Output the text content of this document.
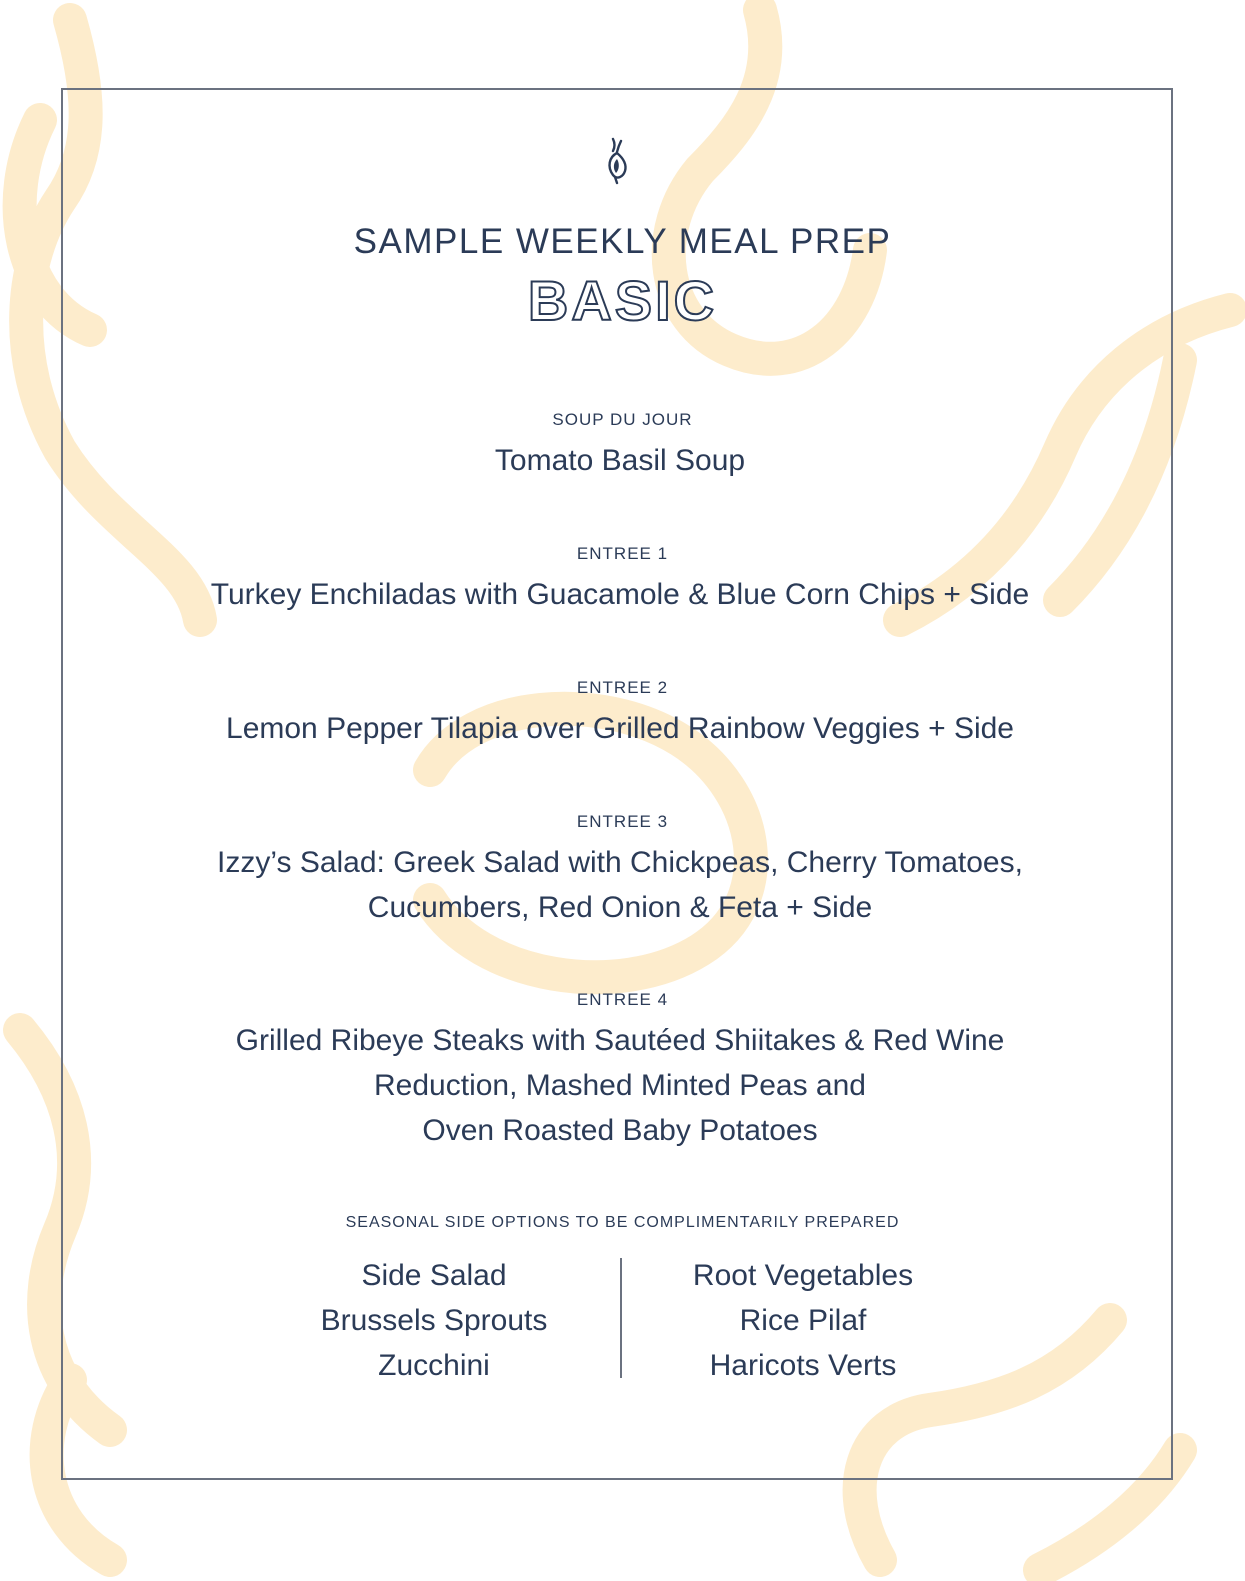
SAMPLE WEEKLY MEAL PREP
BASIC
SOUP DU JOUR
Tomato Basil Soup
ENTREE 1
Turkey Enchiladas with Guacamole & Blue Corn Chips + Side
ENTREE 2
Lemon Pepper Tilapia over Grilled Rainbow Veggies + Side
ENTREE 3
Izzy’s Salad: Greek Salad with Chickpeas, Cherry Tomatoes,
Cucumbers, Red Onion & Feta + Side
ENTREE 4
Grilled Ribeye Steaks with Sautéed Shiitakes & Red Wine
Reduction, Mashed Minted Peas and
Oven Roasted Baby Potatoes
SEASONAL SIDE OPTIONS TO BE COMPLIMENTARILY PREPARED
Side Salad
Brussels Sprouts
Zucchini
Root Vegetables
Rice Pilaf
Haricots Verts
